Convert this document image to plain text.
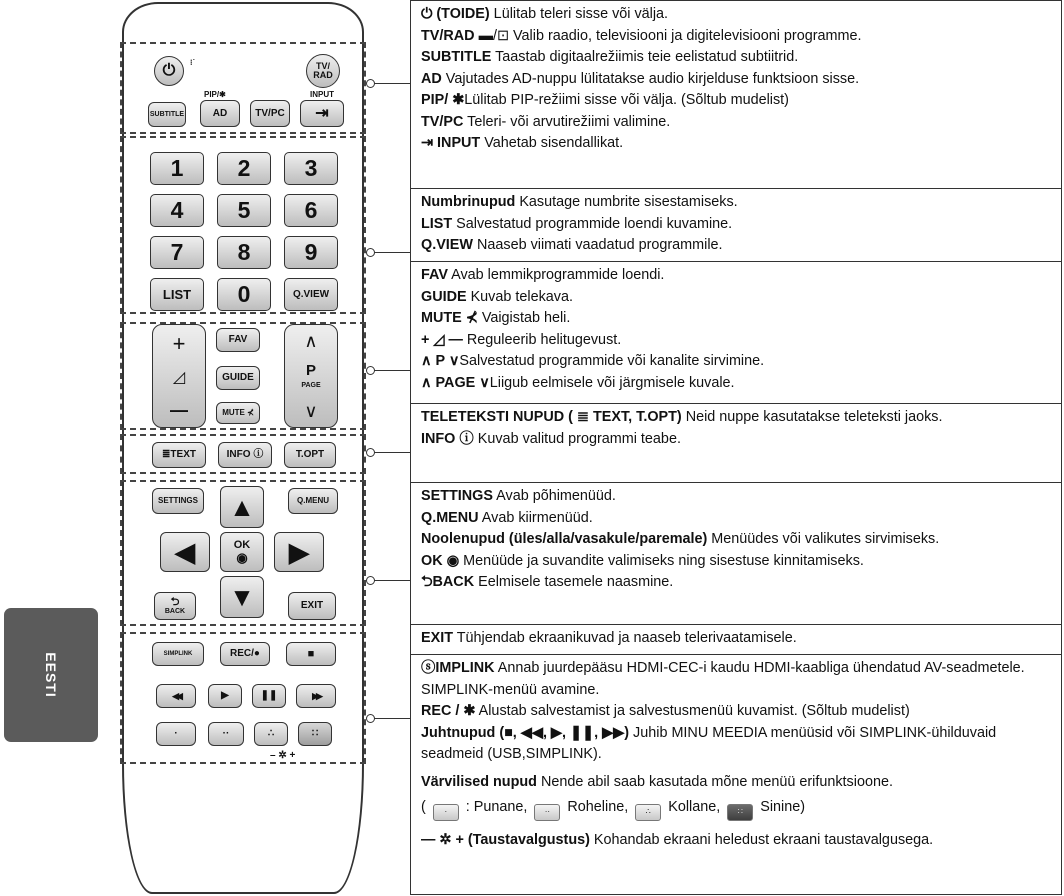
EESTI
⏻	⁝˙	TV/
RAD
PIP/✱	INPUT
SUBTITLE	AD	TV/PC	⇥
1	2	3
4	5	6
7	8	9
LIST	0	Q.VIEW
+
◿
—
FAV
GUIDE
MUTE ⊀
∧
P
PAGE
∨
≣TEXT	INFO ⓘ	T.OPT
SETTINGS	Q.MENU
▲
◀	OK
◉	▶
▼
⮌
BACK
EXIT
SIMPLINK	REC/●	■
◀◀	▶	❚❚	▶▶
·	··	∴	∷
– ✲ +

⏻ (TOIDE) Lülitab teleri sisse või välja.

TV/RAD ▬/⊡ Valib raadio, televisiooni ja digitelevisiooni programme.

SUBTITLE Taastab digitaalrežiimis teie eelistatud subtiitrid.

AD Vajutades AD-nuppu lülitatakse audio kirjelduse funktsioon sisse.

PIP/ ✱Lülitab PIP-režiimi sisse või välja. (Sõltub mudelist)

TV/PC Teleri- või arvutirežiimi valimine.

⇥ INPUT Vahetab sisendallikat.

Numbrinupud Kasutage numbrite sisestamiseks.

LIST Salvestatud programmide loendi kuvamine.

Q.VIEW Naaseb viimati vaadatud programmile.

FAV Avab lemmikprogrammide loendi.

GUIDE Kuvab telekava.

MUTE ⊀ Vaigistab heli.

+ ◿ — Reguleerib helitugevust.

∧ P ∨Salvestatud programmide või kanalite sirvimine.

∧ PAGE ∨Liigub eelmisele või järgmisele kuvale.

TELETEKSTI NUPUD ( ≣ TEXT, T.OPT) Neid nuppe kasutatakse teleteksti jaoks.

INFO ⓘ Kuvab valitud programmi teabe.

SETTINGS Avab põhimenüüd.

Q.MENU Avab kiirmenüüd.

Noolenupud (üles/alla/vasakule/paremale) Menüüdes või valikutes sirvimiseks.

OK ◉ Menüüde ja suvandite valimiseks ning sisestuse kinnitamiseks.

⮌BACK Eelmisele tasemele naasmine.

EXIT Tühjendab ekraanikuvad ja naaseb telerivaatamisele.

ⓢIMPLINK Annab juurdepääsu HDMI-CEC-i kaudu HDMI-kaabliga ühendatud AV-seadmetele. SIMPLINK-menüü avamine.

REC / ✱ Alustab salvestamist ja salvestusmenüü kuvamist. (Sõltub mudelist)

Juhtnupud (■, ◀◀, ▶, ❚❚, ▶▶) Juhib MINU MEEDIA menüüsid või SIMPLINK-ühilduvaid seadmeid (USB,SIMPLINK).

Värvilised nupud Nende abil saab kasutada mõne menüü erifunktsioone.

( · : Punane, ·· Roheline, ∴ Kollane, ∷ Sinine)

— ✲ + (Taustavalgustus) Kohandab ekraani heledust ekraani taustavalgusega.
